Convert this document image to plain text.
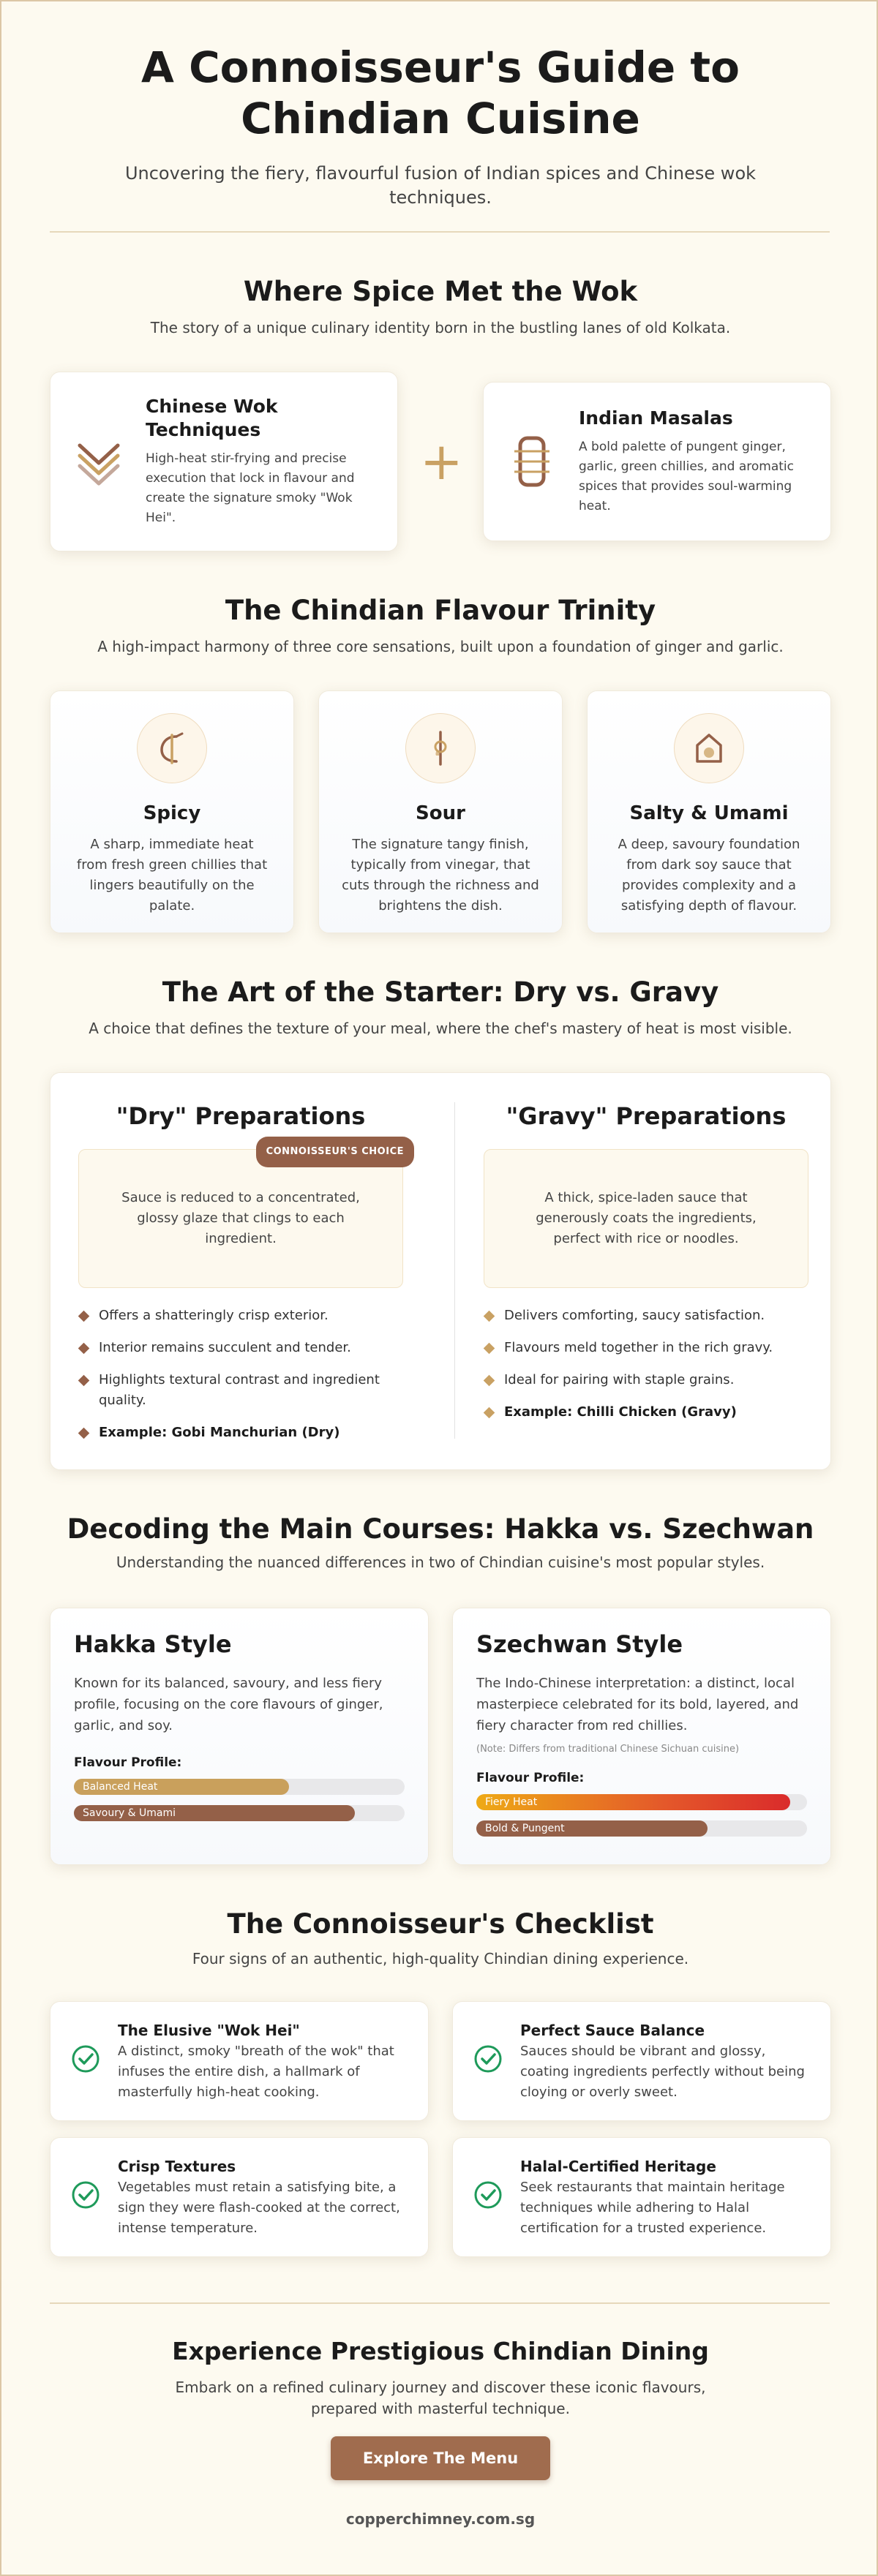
A Connoisseur's Guide to Chindian Cuisine

Uncovering the fiery, flavourful fusion of Indian spices and Chinese wok techniques.

Where Spice Met the Wok

The story of a unique culinary identity born in the bustling lanes of old Kolkata.

Chinese Wok Techniques

High-heat stir-frying and precise execution that lock in flavour and create the signature smoky "Wok Hei".

+
Indian Masalas

A bold palette of pungent ginger, garlic, green chillies, and aromatic spices that provides soul-warming heat.

The Chindian Flavour Trinity

A high-impact harmony of three core sensations, built upon a foundation of ginger and garlic.

Spicy

A sharp, immediate heat from fresh green chillies that lingers beautifully on the palate.

Sour

The signature tangy finish, typically from vinegar, that cuts through the richness and brightens the dish.

Salty & Umami

A deep, savoury foundation from dark soy sauce that provides complexity and a satisfying depth of flavour.

The Art of the Starter: Dry vs. Gravy

A choice that defines the texture of your meal, where the chef's mastery of heat is most visible.

"Dry" Preparations
CONNOISSEUR'S CHOICE
Sauce is reduced to a concentrated, glossy glaze that clings to each ingredient.
Offers a shatteringly crisp exterior.
Interior remains succulent and tender.
Highlights textural contrast and ingredient quality.
Example: Gobi Manchurian (Dry)
"Gravy" Preparations
A thick, spice-laden sauce that generously coats the ingredients, perfect with rice or noodles.
Delivers comforting, saucy satisfaction.
Flavours meld together in the rich gravy.
Ideal for pairing with staple grains.
Example: Chilli Chicken (Gravy)
Decoding the Main Courses: Hakka vs. Szechwan

Understanding the nuanced differences in two of Chindian cuisine's most popular styles.

Hakka Style

Known for its balanced, savoury, and less fiery profile, focusing on the core flavours of ginger, garlic, and soy.

Flavour Profile:

Balanced Heat
Savoury & Umami
Szechwan Style

The Indo-Chinese interpretation: a distinct, local masterpiece celebrated for its bold, layered, and fiery character from red chillies.

(Note: Differs from traditional Chinese Sichuan cuisine)

Flavour Profile:

Fiery Heat
Bold & Pungent
The Connoisseur's Checklist

Four signs of an authentic, high-quality Chindian dining experience.

The Elusive "Wok Hei"

A distinct, smoky "breath of the wok" that infuses the entire dish, a hallmark of masterfully high-heat cooking.

Perfect Sauce Balance

Sauces should be vibrant and glossy, coating ingredients perfectly without being cloying or overly sweet.

Crisp Textures

Vegetables must retain a satisfying bite, a sign they were flash-cooked at the correct, intense temperature.

Halal-Certified Heritage

Seek restaurants that maintain heritage techniques while adhering to Halal certification for a trusted experience.

Experience Prestigious Chindian Dining

Embark on a refined culinary journey and discover these iconic flavours, prepared with masterful technique.

Explore The Menu
copperchimney.com.sg
